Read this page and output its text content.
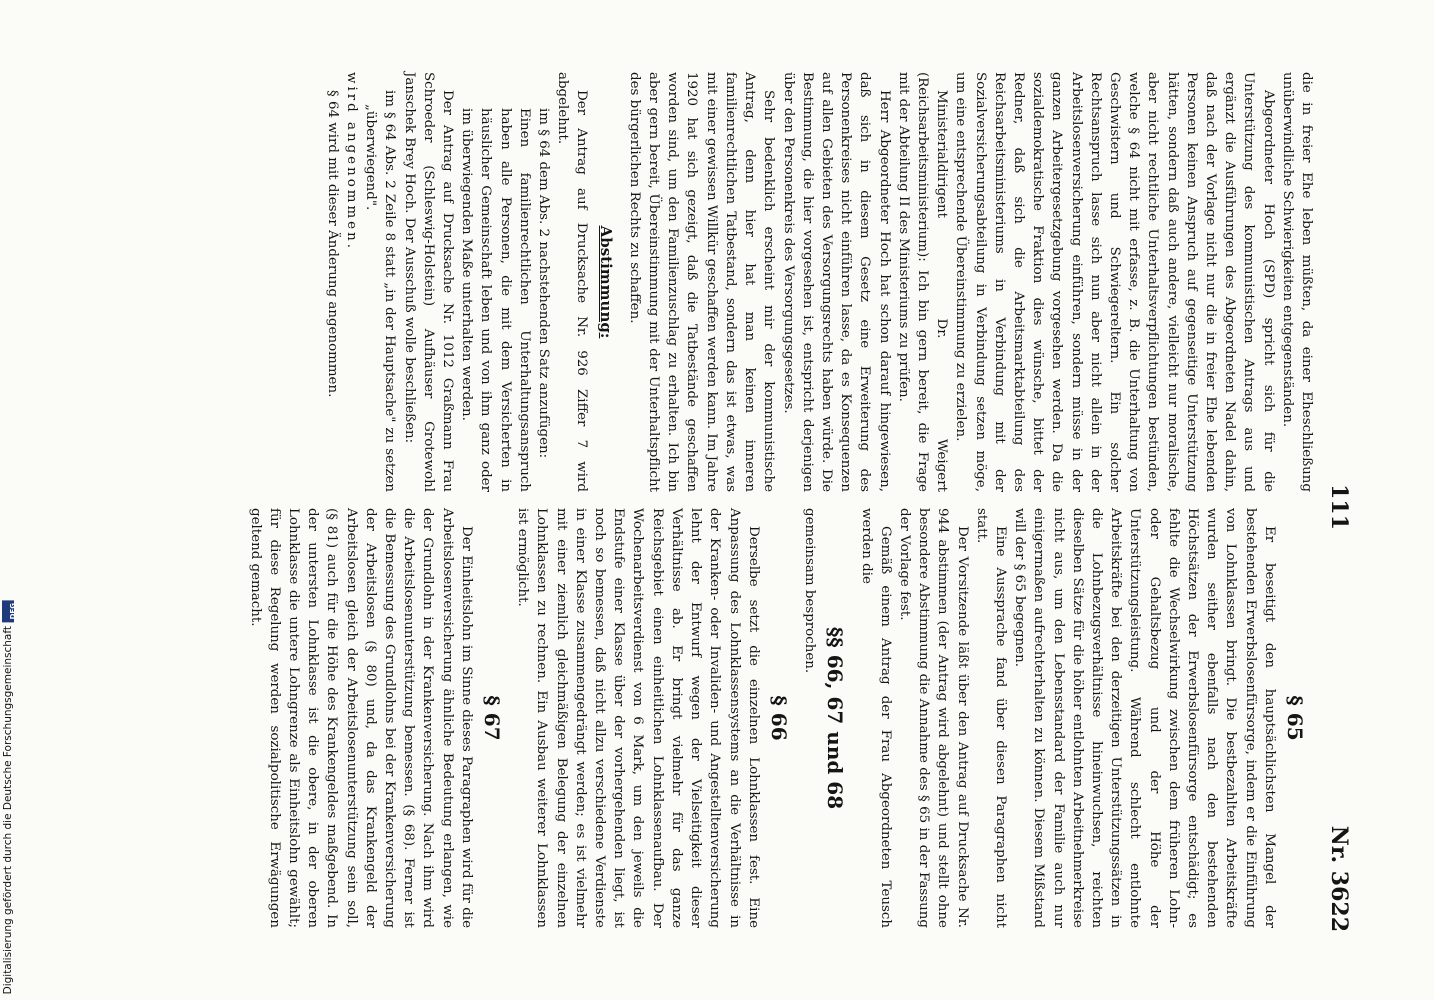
111
Nr. 3622

die in freier Ehe leben müßten, da einer Eheschließung unüberwindliche Schwierigkeiten entgegenständen.

Abgeordneter Hoch (SPD) spricht sich für die Unterstützung des kommunistischen Antrags aus und ergänzt die Ausführungen des Abgeordneten Nadel dahin, daß nach der Vorlage nicht nur die in freier Ehe lebenden Personen keinen Anspruch auf gegenseitige Unterstützung hätten, sondern daß auch andere, vielleicht nur moralische, aber nicht rechtliche Unterhaltsverpflichtungen bestünden, welche § 64 nicht mit erfasse, z. B. die Unterhaltung von Geschwistern und Schwiegereltern. Ein solcher Rechtsanspruch lasse sich nun aber nicht allein in der Arbeitslosenversicherung einführen, sondern müsse in der ganzen Arbeitergesetzgebung vorgesehen werden. Da die sozialdemokratische Fraktion dies wünsche, bittet der Redner, daß sich die Arbeitsmarktabteilung des Reichsarbeitsministeriums in Verbindung mit der Sozialversicherungsabteilung in Verbindung setzen möge, um eine entsprechende Übereinstimmung zu erzielen.

Ministerialdirigent Dr. Weigert (Reichsarbeitsministerium): Ich bin gern bereit, die Frage mit der Abteilung II des Ministeriums zu prüfen.

Herr Abgeordneter Hoch hat schon darauf hingewiesen, daß sich in diesem Gesetz eine Erweiterung des Personenkreises nicht einführen lasse, da es Konsequenzen auf allen Gebieten des Versorgungsrechts haben würde. Die Bestimmung, die hier vorgesehen ist, entspricht derjenigen über den Personenkreis des Versorgungsgesetzes.

Sehr bedenklich erscheint mir der kommunistische Antrag, denn hier hat man keinen inneren familienrechtlichen Tatbestand, sondern das ist etwas, was mit einer gewissen Willkür geschaffen werden kann. Im Jahre 1920 hat sich gezeigt, daß die Tatbestände geschaffen worden sind, um den Familienzuschlag zu erhalten. Ich bin aber gern bereit, Übereinstimmung mit der Unterhaltspflicht des bürgerlichen Rechts zu schaffen.

Abstimmung:

Der Antrag auf Drucksache Nr. 926 Ziffer 7 wird abgelehnt.

im § 64 dem Abs. 2 nachstehenden Satz anzufügen:

Einen familienrechtlichen Unterhaltungsanspruch haben alle Personen, die mit dem Versicherten in häuslicher Gemeinschaft leben und von ihm ganz oder im überwiegenden Maße unterhalten werden.

Der Antrag auf Drucksache Nr. 1012 Graßmann Frau Schroeder (Schleswig-Holstein) Aufhäuser Grotewohl Janschek Brey Hoch. Der Ausschuß wolle beschließen:

im § 64 Abs. 2 Zeile 8 statt „in der Hauptsache" zu setzen „überwiegend".

wird angenommen.

§ 64 wird mit dieser Änderung angenommen.

§ 65

Er beseitigt den hauptsächlichsten Mangel der bestehenden Erwerbslosenfürsorge, indem er die Einführung von Lohnklassen bringt. Die bestbezahlten Arbeitskräfte wurden seither ebenfalls nach den bestehenden Höchstsätzen der Erwerbslosenfürsorge entschädigt; es fehlte die Wechselwirkung zwischen dem früheren Lohn- oder Gehaltsbezug und der Höhe der Unterstützungsleistung. Während schlecht entlohnte Arbeitskräfte bei den derzeitigen Unterstützungssätzen in die Lohnbezugsverhältnisse hineinwuchsen, reichten dieselben Sätze für die höher entlohnten Arbeitnehmerkreise nicht aus, um den Lebensstandard der Familie auch nur einigermaßen aufrechterhalten zu können. Diesem Mißstand will der § 65 begegnen.

Eine Aussprache fand über diesen Paragraphen nicht statt.

Der Vorsitzende läßt über den Antrag auf Drucksache Nr. 944 abstimmen (der Antrag wird abgelehnt) und stellt ohne besondere Abstimmung die Annahme des § 65 in der Fassung der Vorlage fest.

Gemäß einem Antrag der Frau Abgeordneten Teusch werden die

§§ 66, 67 und 68

gemeinsam besprochen.

§ 66

Derselbe setzt die einzelnen Lohnklassen fest. Eine Anpassung des Lohnklassensystems an die Verhältnisse in der Kranken- oder Invaliden- und Angestelltenversicherung lehnt der Entwurf wegen der Vielseitigkeit dieser Verhältnisse ab. Er bringt vielmehr für das ganze Reichsgebiet einen einheitlichen Lohnklassenaufbau. Der Wochenarbeitsverdienst von 6 Mark, um den jeweils die Endstufe einer Klasse über der vorhergehenden liegt, ist noch so bemessen, daß nicht allzu verschiedene Verdienste in einer Klasse zusammengedrängt werden; es ist vielmehr mit einer ziemlich gleichmäßigen Belegung der einzelnen Lohnklassen zu rechnen. Ein Ausbau weiterer Lohnklassen ist ermöglicht.

§ 67

Der Einheitslohn im Sinne dieses Paragraphen wird für die Arbeitslosenversicherung ähnliche Bedeutung erlangen, wie der Grundlohn in der Krankenversicherung. Nach ihm wird die Arbeitslosenunterstützung bemessen. (§ 68). Ferner ist die Bemessung des Grundlohns bei der Krankenversicherung der Arbeitslosen (§ 80) und, da das Krankengeld der Arbeitslosen gleich der Arbeitslosenunterstützung sein soll, (§ 81) auch für die Höhe des Krankengeldes maßgebend. In der untersten Lohnklasse ist die obere, in der oberen Lohnklasse die untere Lohngrenze als Einheitslohn gewählt; für diese Regelung werden sozialpolitische Erwägungen geltend gemacht.

Digitalisierung gefördert durch die Deutsche Forschungsgemeinschaft
DFG
